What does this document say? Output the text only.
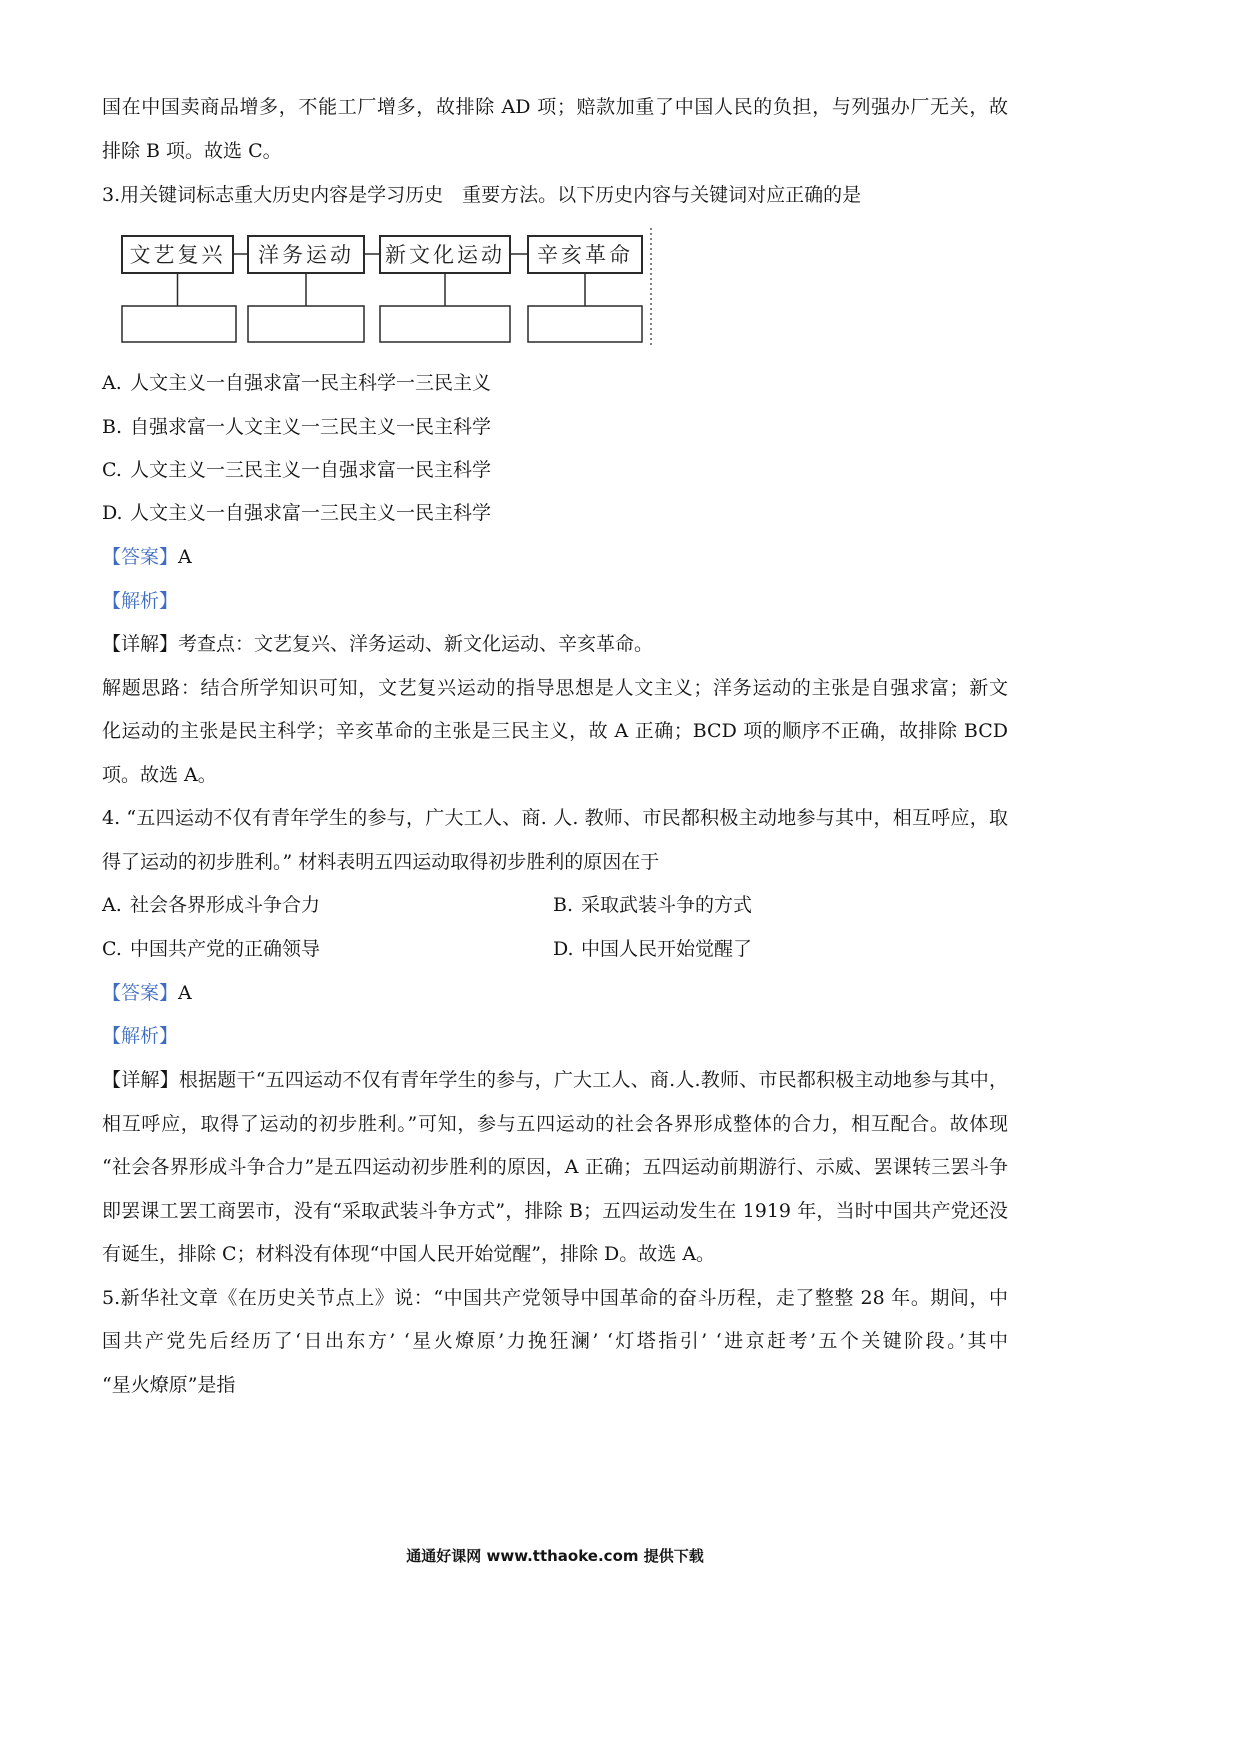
国在中国卖商品增多，不能工厂增多，故排除 AD 项；赔款加重了中国人民的负担，与列强办厂无关，故
排除 B 项。故选 C。
3.用关键词标志重大历史内容是学习历史　重要方法。以下历史内容与关键词对应正确的是
文艺复兴 洋务运动 新文化运动 辛亥革命
A. 人文主义一自强求富一民主科学一三民主义
B. 自强求富一人文主义一三民主义一民主科学
C. 人文主义一三民主义一自强求富一民主科学
D. 人文主义一自强求富一三民主义一民主科学
【答案】A
【解析】
【详解】考查点：文艺复兴、洋务运动、新文化运动、辛亥革命。
解题思路：结合所学知识可知，文艺复兴运动的指导思想是人文主义；洋务运动的主张是自强求富；新文
化运动的主张是民主科学；辛亥革命的主张是三民主义，故 A 正确；BCD 项的顺序不正确，故排除 BCD
项。故选 A。
4. “五四运动不仅有青年学生的参与，广大工人、商. 人. 教师、市民都积极主动地参与其中，相互呼应，取
得了运动的初步胜利。” 材料表明五四运动取得初步胜利的原因在于
A. 社会各界形成斗争合力	B. 采取武装斗争的方式
C. 中国共产党的正确领导	D. 中国人民开始觉醒了
【答案】A
【解析】
【详解】根据题干“五四运动不仅有青年学生的参与，广大工人、商.人.教师、市民都积极主动地参与其中，
相互呼应，取得了运动的初步胜利。”可知，参与五四运动的社会各界形成整体的合力，相互配合。故体现
“社会各界形成斗争合力”是五四运动初步胜利的原因，A 正确；五四运动前期游行、示威、罢课转三罢斗争
即罢课工罢工商罢市，没有“采取武装斗争方式”，排除 B；五四运动发生在 1919 年，当时中国共产党还没
有诞生，排除 C；材料没有体现“中国人民开始觉醒”，排除 D。故选 A。
5.新华社文章《在历史关节点上》说：“中国共产党领导中国革命的奋斗历程，走了整整 28 年。期间，中
国共产党先后经历了‘日出东方’ ‘星火燎原’力挽狂澜’ ‘灯塔指引’ ‘进京赶考’五个关键阶段。’其中
“星火燎原”是指
通通好课网 www.tthaoke.com 提供下载
